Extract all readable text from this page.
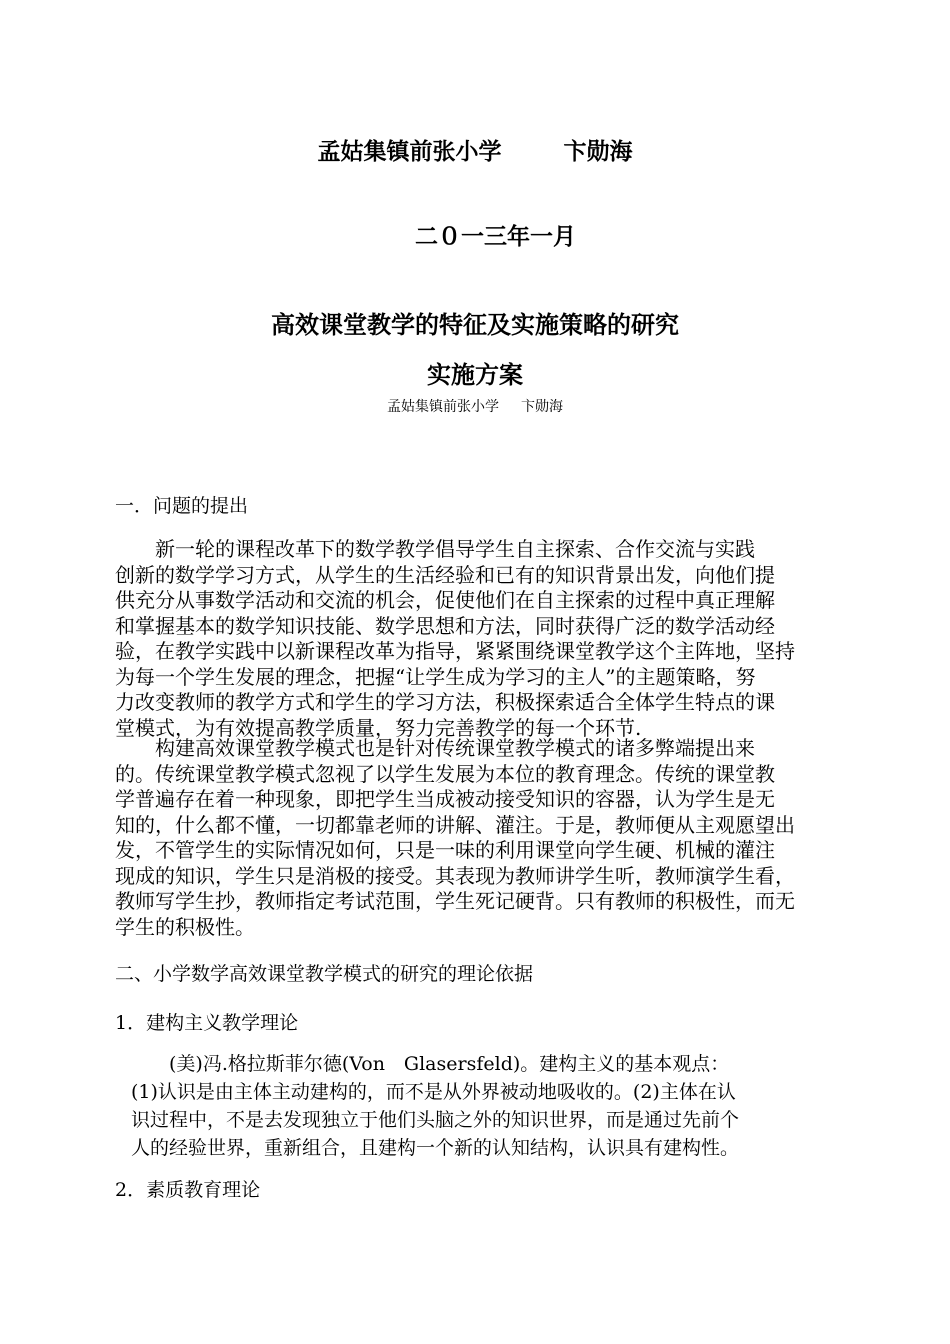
孟姑集镇前张小学	卞勋海
二０一三年一月
高效课堂教学的特征及实施策略的研究
实施方案
孟姑集镇前张小学 卞勋海
一．问题的提出
　　新一轮的课程改革下的数学教学倡导学生自主探索、合作交流与实践
创新的数学学习方式，从学生的生活经验和已有的知识背景出发，向他们提
供充分从事数学活动和交流的机会，促使他们在自主探索的过程中真正理解
和掌握基本的数学知识技能、数学思想和方法，同时获得广泛的数学活动经
验，在教学实践中以新课程改革为指导，紧紧围绕课堂教学这个主阵地，坚持
为每一个学生发展的理念，把握“让学生成为学习的主人”的主题策略，努
力改变教师的教学方式和学生的学习方法，积极探索适合全体学生特点的课
堂模式，为有效提高教学质量，努力完善教学的每一个环节.
　　构建高效课堂教学模式也是针对传统课堂教学模式的诸多弊端提出来
的。传统课堂教学模式忽视了以学生发展为本位的教育理念。传统的课堂教
学普遍存在着一种现象，即把学生当成被动接受知识的容器，认为学生是无
知的，什么都不懂，一切都靠老师的讲解、灌注。于是，教师便从主观愿望出
发，不管学生的实际情况如何，只是一味的利用课堂向学生硬、机械的灌注
现成的知识，学生只是消极的接受。其表现为教师讲学生听，教师演学生看，
教师写学生抄，教师指定考试范围，学生死记硬背。只有教师的积极性，而无
学生的积极性。
二、小学数学高效课堂教学模式的研究的理论依据
1．建构主义教学理论
　　(美)冯.格拉斯菲尔德(Von　Glasersfeld)。建构主义的基本观点：
(1)认识是由主体主动建构的，而不是从外界被动地吸收的。(2)主体在认
识过程中，不是去发现独立于他们头脑之外的知识世界，而是通过先前个
人的经验世界，重新组合，且建构一个新的认知结构，认识具有建构性。
2．素质教育理论
